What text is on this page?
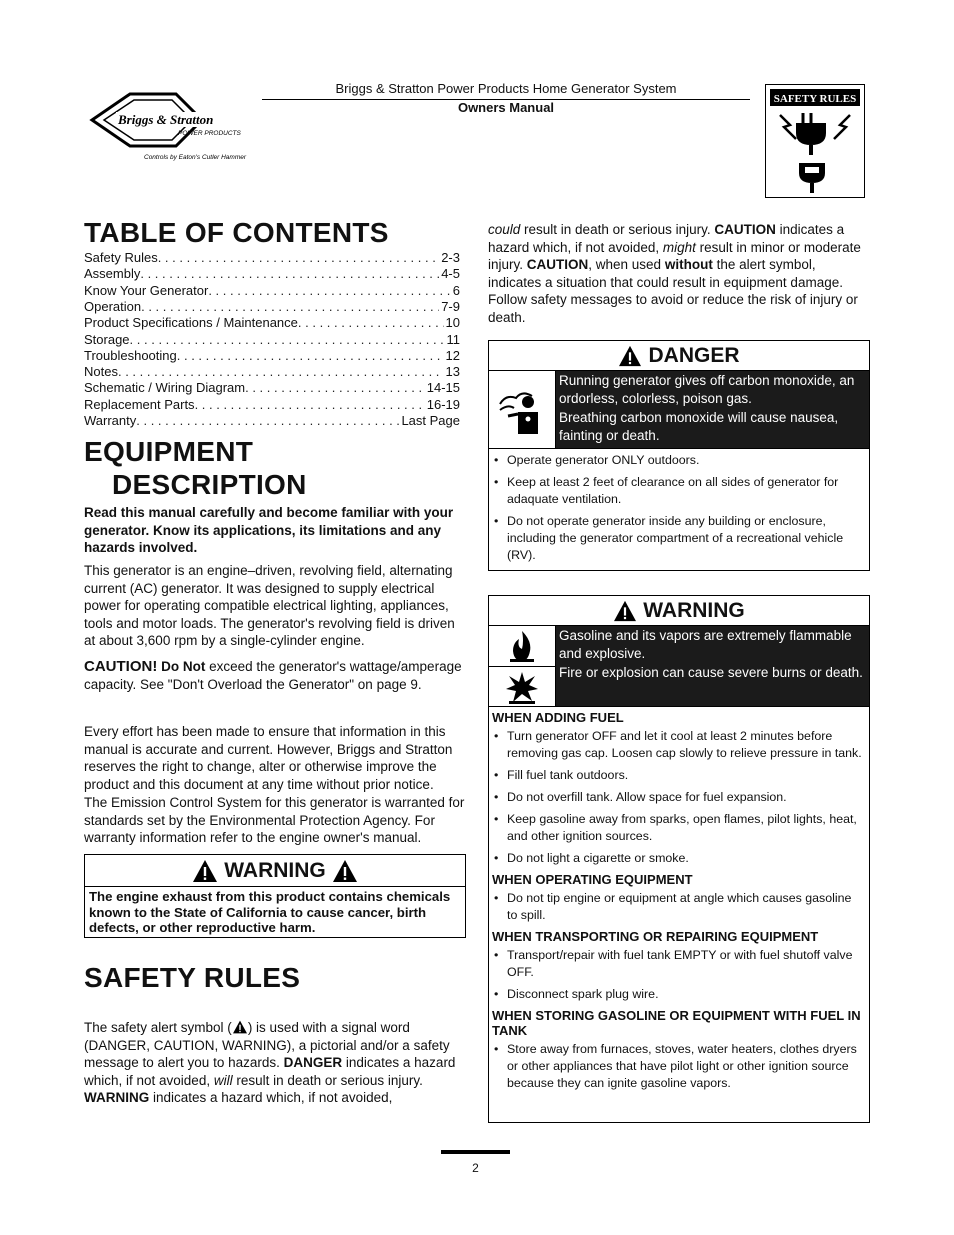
Briggs & Stratton
POWER PRODUCTS
Controls by Eaton's Cutler Hammer
Briggs & Stratton Power Products Home Generator System
Owners Manual
SAFETY RULES
TABLE OF CONTENTS
Safety Rules . . .	2-3
Assembly . . .	4-5
Know Your Generator . . .	6
Operation . . .	7-9
Product Specifications / Maintenance . . .	10
Storage . . .	11
Troubleshooting . . .	12
Notes . . .	13
Schematic / Wiring Diagram . . .	14-15
Replacement Parts . . .	16-19
Warranty . . .	Last Page
EQUIPMENT
DESCRIPTION
Read this manual carefully and become familiar with your generator. Know its applications, its limitations and any hazards involved.
This generator is an engine–driven, revolving field, alternating current (AC) generator. It was designed to supply electrical power for operating compatible electrical lighting, appliances, tools and motor loads. The generator's revolving field is driven at about 3,600 rpm by a single-cylinder engine.
CAUTION! Do Not exceed the generator's wattage/amperage capacity. See "Don't Overload the Generator" on page 9.
Every effort has been made to ensure that information in this manual is accurate and current. However, Briggs and Stratton reserves the right to change, alter or otherwise improve the product and this document at any time without prior notice.
The Emission Control System for this generator is warranted for standards set by the Environmental Protection Agency. For warranty information refer to the engine owner's manual.
WARNING
The engine exhaust from this product contains chemicals known to the State of California to cause cancer, birth defects, or other reproductive harm.
SAFETY RULES
The safety alert symbol ( ) is used with a signal word (DANGER, CAUTION, WARNING), a pictorial and/or a safety message to alert you to hazards. DANGER indicates a hazard which, if not avoided, will result in death or serious injury. WARNING indicates a hazard which, if not avoided,
could result in death or serious injury. CAUTION indicates a hazard which, if not avoided, might result in minor or moderate injury. CAUTION, when used without the alert symbol, indicates a situation that could result in equipment damage. Follow safety messages to avoid or reduce the risk of injury or death.
DANGER

Running generator gives off carbon monoxide, an ordorless, colorless, poison gas.

Breathing carbon monoxide will cause nausea, fainting or death.

• Operate generator ONLY outdoors.
• Keep at least 2 feet of clearance on all sides of generator for adaquate ventilation.
• Do not operate generator inside any building or enclosure, including the generator compartment of a recreational vehicle (RV).
WARNING

Gasoline and its vapors are extremely flammable and explosive.

Fire or explosion can cause severe burns or death.

WHEN ADDING FUEL
• Turn generator OFF and let it cool at least 2 minutes before removing gas cap. Loosen cap slowly to relieve pressure in tank.
• Fill fuel tank outdoors.
• Do not overfill tank. Allow space for fuel expansion.
• Keep gasoline away from sparks, open flames, pilot lights, heat, and other ignition sources.
• Do not light a cigarette or smoke.
WHEN OPERATING EQUIPMENT
• Do not tip engine or equipment at angle which causes gasoline to spill.
WHEN TRANSPORTING OR REPAIRING EQUIPMENT
• Transport/repair with fuel tank EMPTY or with fuel shutoff valve OFF.
• Disconnect spark plug wire.
WHEN STORING GASOLINE OR EQUIPMENT WITH FUEL IN TANK
• Store away from furnaces, stoves, water heaters, clothes dryers or other appliances that have pilot light or other ignition source because they can ignite gasoline vapors.
2
